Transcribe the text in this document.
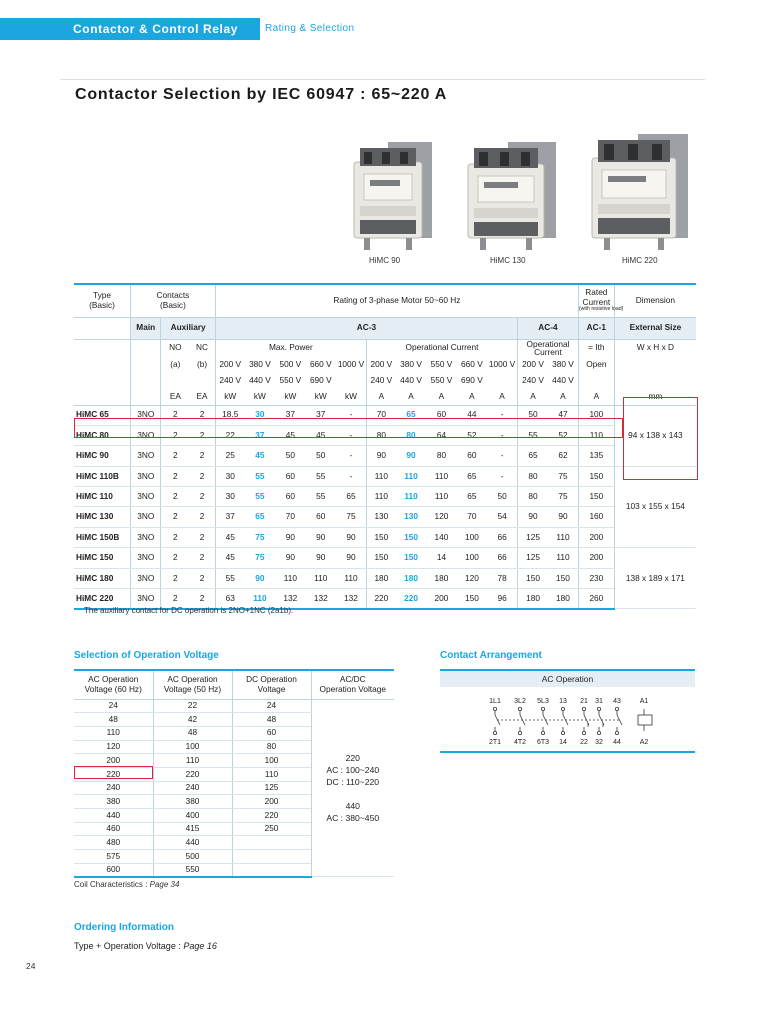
Contactor & Control Relay	Rating & Selection
Contactor Selection by IEC 60947 : 65~220 A
HiMC 90	HiMC 130	HiMC 220
Type
(Basic)	Contacts
(Basic)			Rating of 3-phase Motor 50~60 Hz												Rated
Current
(with resistive load)	Dimension
	Main	Auxiliary		AC-3										AC-4		AC-1	External Size
		NO	NC	Max. Power					Operational Current					Operational
Current		= Ith	W x H x D
		(a)	(b)	200 V	380 V	500 V	660 V	1000 V	200 V	380 V	550 V	660 V	1000 V	200 V	380 V	Open	
				240 V	440 V	550 V	690 V		240 V	440 V	550 V	690 V		240 V	440 V		
		EA	EA	kW	kW	kW	kW	kW	A	A	A	A	A	A	A	A	mm
HiMC 65	3NO	2	2	18.5	30	37	37	-	70	65	60	44	-	50	47	100	94 x 138 x 143
HiMC 80	3NO	2	2	22	37	45	45	-	80	80	64	52	-	55	52	110	
HiMC 90	3NO	2	2	25	45	50	50	-	90	90	80	60	-	65	62	135	
HiMC 110B	3NO	2	2	30	55	60	55	-	110	110	110	65	-	80	75	150	103 x 155 x 154
HiMC 110	3NO	2	2	30	55	60	55	65	110	110	110	65	50	80	75	150	
HiMC 130	3NO	2	2	37	65	70	60	75	130	130	120	70	54	90	90	160	
HiMC 150B	3NO	2	2	45	75	90	90	90	150	150	140	100	66	125	110	200	
HiMC 150	3NO	2	2	45	75	90	90	90	150	150	14	100	66	125	110	200	138 x 189 x 171
HiMC 180	3NO	2	2	55	90	110	110	110	180	180	180	120	78	150	150	230	
HiMC 220	3NO	2	2	63	110	132	132	132	220	220	200	150	96	180	180	260	
The auxiliary contact for DC operation is 2NO+1NC (2a1b).
Selection of Operation Voltage
AC Operation
Voltage (60 Hz)	AC Operation
Voltage (50 Hz)	DC Operation
Voltage	AC/DC
Operation Voltage
24	22	24	220
AC : 100~240
DC : 110~220

440
AC : 380~450
48	42	48	
110	48	60	
120	100	80	
200	110	100	
220	220	110	
240	240	125	
380	380	200	
440	400	220	
460	415	250	
480	440		
575	500		
600	550		
Coil Characteristics : Page 34
Contact Arrangement
AC Operation
1L1 3L2 5L3 13 21 31 43	A1
2T1 4T2 6T3 14 22 32 44	A2
Ordering Information
Type + Operation Voltage : Page 16
24
